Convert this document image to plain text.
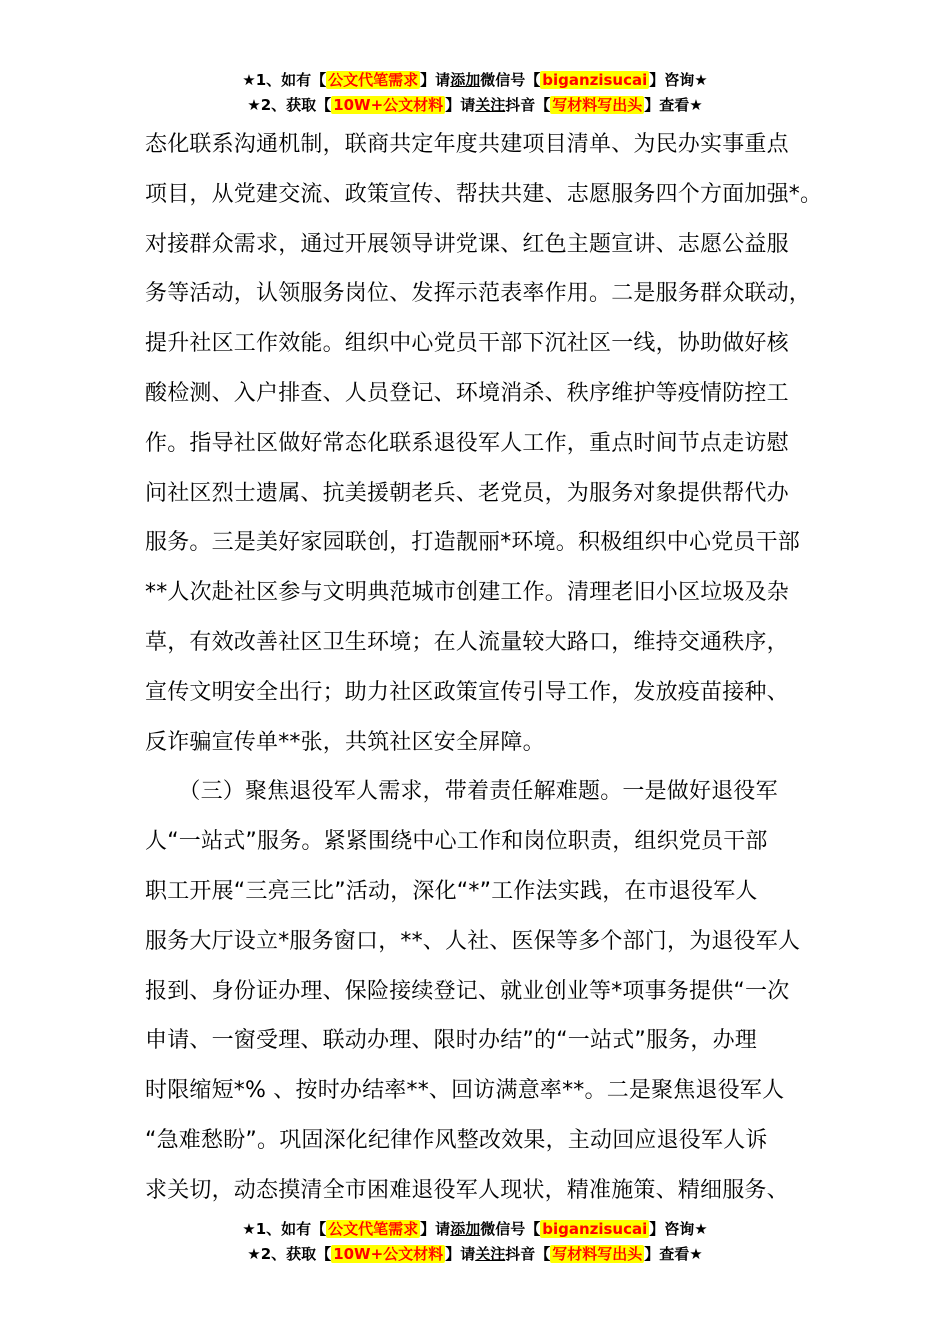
★1、如有【 公文代笔需求 】请添加微信号【 biganzisucai 】咨询★
★2、获取【 10W+公文材料 】请关注抖音【 写材料写出头 】查看★
态化联系沟通机制，联商共定年度共建项目清单、为民办实事重点
项目，从党建交流、政策宣传、帮扶共建、志愿服务四个方面加强*。
对接群众需求，通过开展领导讲党课、红色主题宣讲、志愿公益服
务等活动，认领服务岗位、发挥示范表率作用。二是服务群众联动，
提升社区工作效能。组织中心党员干部下沉社区一线，协助做好核
酸检测、入户排查、人员登记、环境消杀、秩序维护等疫情防控工
作。指导社区做好常态化联系退役军人工作，重点时间节点走访慰
问社区烈士遗属、抗美援朝老兵、老党员，为服务对象提供帮代办
服务。三是美好家园联创，打造靓丽*环境。积极组织中心党员干部
**人次赴社区参与文明典范城市创建工作。清理老旧小区垃圾及杂
草，有效改善社区卫生环境；在人流量较大路口，维持交通秩序，
宣传文明安全出行；助力社区政策宣传引导工作，发放疫苗接种、
反诈骗宣传单**张，共筑社区安全屏障。
　　（三）聚焦退役军人需求，带着责任解难题。一是做好退役军
人“一站式”服务。紧紧围绕中心工作和岗位职责，组织党员干部
职工开展“三亮三比”活动，深化“*”工作法实践，在市退役军人
服务大厅设立*服务窗口，**、人社、医保等多个部门，为退役军人
报到、身份证办理、保险接续登记、就业创业等*项事务提供“一次
申请、一窗受理、联动办理、限时办结”的“一站式”服务，办理
时限缩短*% 、按时办结率**、回访满意率**。二是聚焦退役军人
“急难愁盼”。巩固深化纪律作风整改效果，主动回应退役军人诉
求关切，动态摸清全市困难退役军人现状，精准施策、精细服务、
★1、如有【 公文代笔需求 】请添加微信号【 biganzisucai 】咨询★
★2、获取【 10W+公文材料 】请关注抖音【 写材料写出头 】查看★
